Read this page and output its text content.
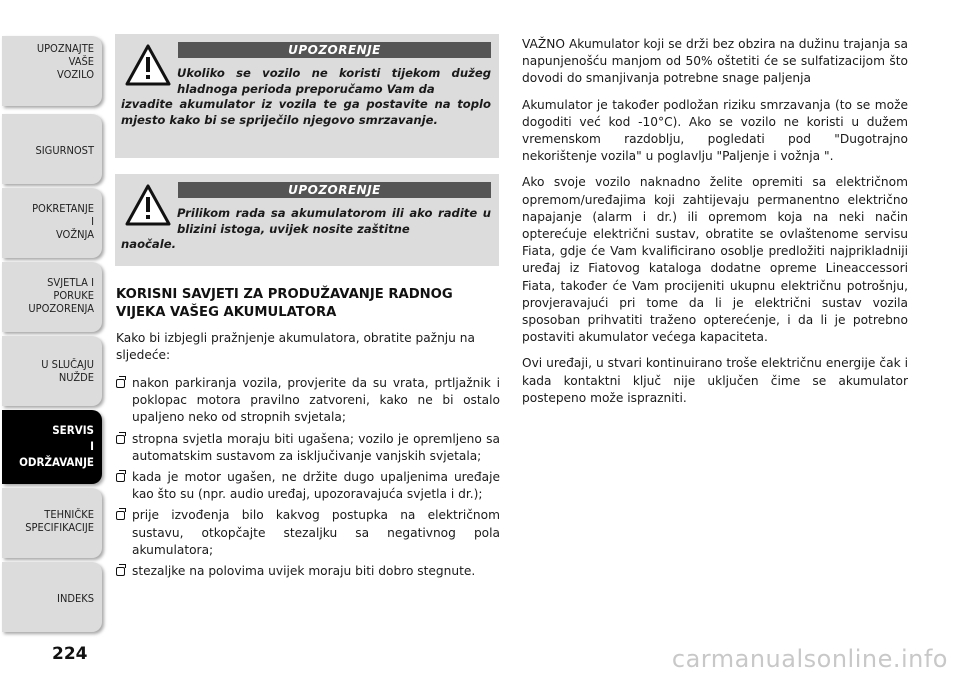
UPOZNAJTE
VAŠE
VOZILO
SIGURNOST
POKRETANJE
I
VOŽNJA
SVJETLA I
PORUKE
UPOZORENJA
U SLUČAJU
NUŽDE
SERVIS
I
ODRŽAVANJE
TEHNIČKE
SPECIFIKACIJE
INDEKS
224
UPOZORENJE
Ukoliko se vozilo ne koristi tijekom dužeg hladnoga perioda preporučamo Vam da
izvadite akumulator iz vozila te ga postavite na toplo mjesto kako bi se spriječilo njegovo smrzavanje.
UPOZORENJE
Prilikom rada sa akumulatorom ili ako radite u blizini istoga, uvijek nosite zaštitne
naočale.
KORISNI SAVJETI ZA PRODUŽAVANJE RADNOG VIJEKA VAŠEG AKUMULATORA
Kako bi izbjegli pražnjenje akumulatora, obratite pažnju na sljedeće:
nakon parkiranja vozila, provjerite da su vrata, prtljažnik i poklopac motora pravilno zatvoreni, kako ne bi ostalo upaljeno neko od stropnih svjetala;
stropna svjetla moraju biti ugašena; vozilo je opremljeno sa automatskim sustavom za isključivanje vanjskih svjetala;
kada je motor ugašen, ne držite dugo upaljenima uređaje kao što su (npr. audio uređaj, upozoravajuća svjetla i dr.);
prije izvođenja bilo kakvog postupka na električnom sustavu, otkopčajte stezaljku sa negativnog pola akumulatora;
stezaljke na polovima uvijek moraju biti dobro stegnute.

VAŽNO Akumulator koji se drži bez obzira na dužinu trajanja sa napunjenošću manjom od 50% oštetiti će se sulfatizacijom što dovodi do smanjivanja potrebne snage paljenja

Akumulator je također podložan riziku smrzavanja (to se može dogoditi već kod -10°C). Ako se vozilo ne koristi u dužem vremenskom razdoblju, pogledati pod "Dugotrajno nekorištenje vozila" u poglavlju "Paljenje i vožnja ".

Ako svoje vozilo naknadno želite opremiti sa električnom opremom/uređajima koji zahtijevaju permanentno električno napajanje (alarm i dr.) ili opremom koja na neki način opterećuje električni sustav, obratite se ovlaštenome servisu Fiata, gdje će Vam kvalificirano osoblje predložiti najprikladniji uređaj iz Fiatovog kataloga dodatne opreme Lineaccessori Fiata, također će Vam procijeniti ukupnu električnu potrošnju, provjeravajući pri tome da li je električni sustav vozila sposoban prihvatiti traženo opterećenje, i da li je potrebno postaviti akumulator većega kapaciteta.

Ovi uređaji, u stvari kontinuirano troše električnu energije čak i kada kontaktni ključ nije uključen čime se akumulator postepeno može isprazniti.

carmanualsonline.info
